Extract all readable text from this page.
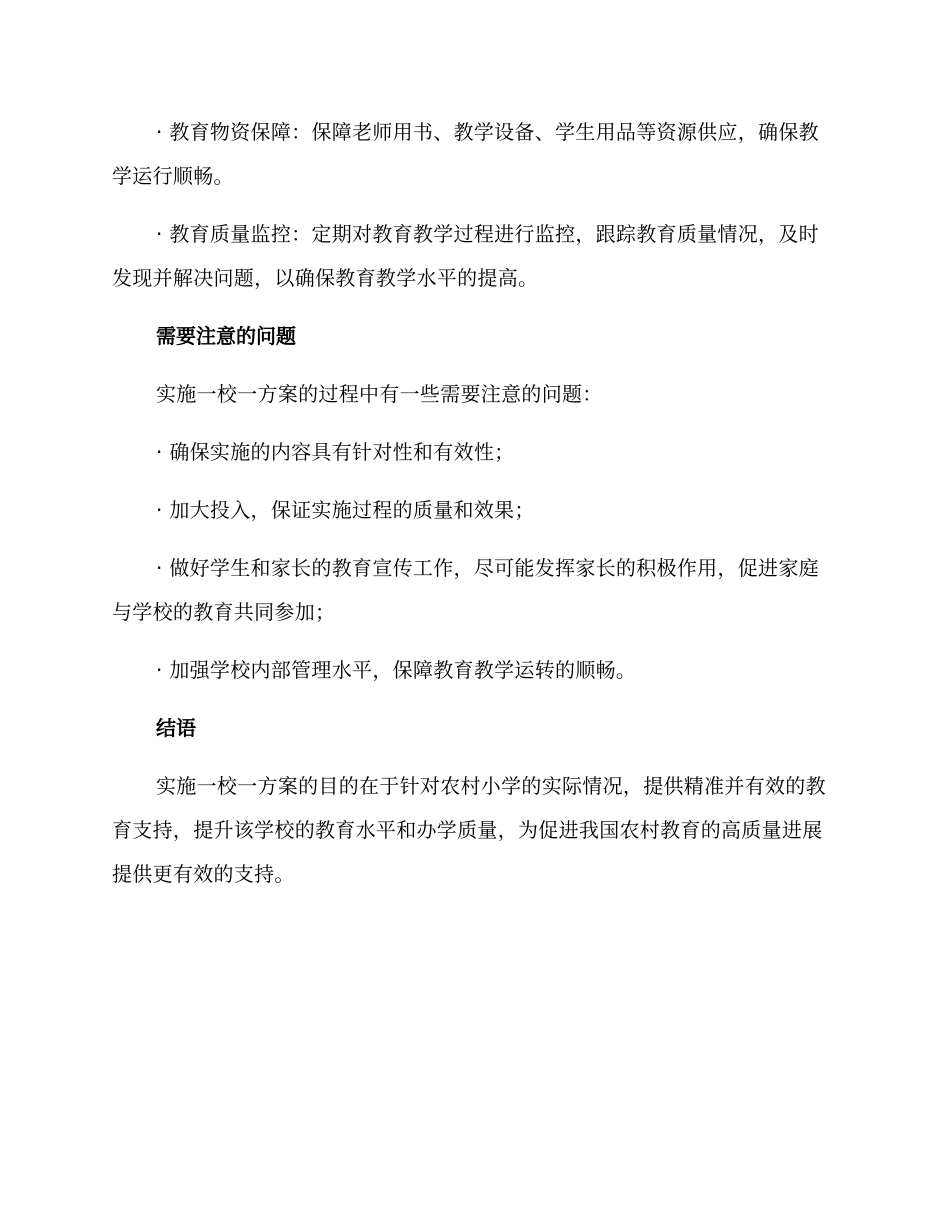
· 教育物资保障：保障老师用书、教学设备、学生用品等资源供应，确保教学运行顺畅。

· 教育质量监控：定期对教育教学过程进行监控，跟踪教育质量情况，及时发现并解决问题，以确保教育教学水平的提高。

需要注意的问题

实施一校一方案的过程中有一些需要注意的问题：

· 确保实施的内容具有针对性和有效性；

· 加大投入，保证实施过程的质量和效果；

· 做好学生和家长的教育宣传工作，尽可能发挥家长的积极作用，促进家庭与学校的教育共同参加；

· 加强学校内部管理水平，保障教育教学运转的顺畅。

结语

实施一校一方案的目的在于针对农村小学的实际情况，提供精准并有效的教育支持，提升该学校的教育水平和办学质量，为促进我国农村教育的高质量进展提供更有效的支持。
